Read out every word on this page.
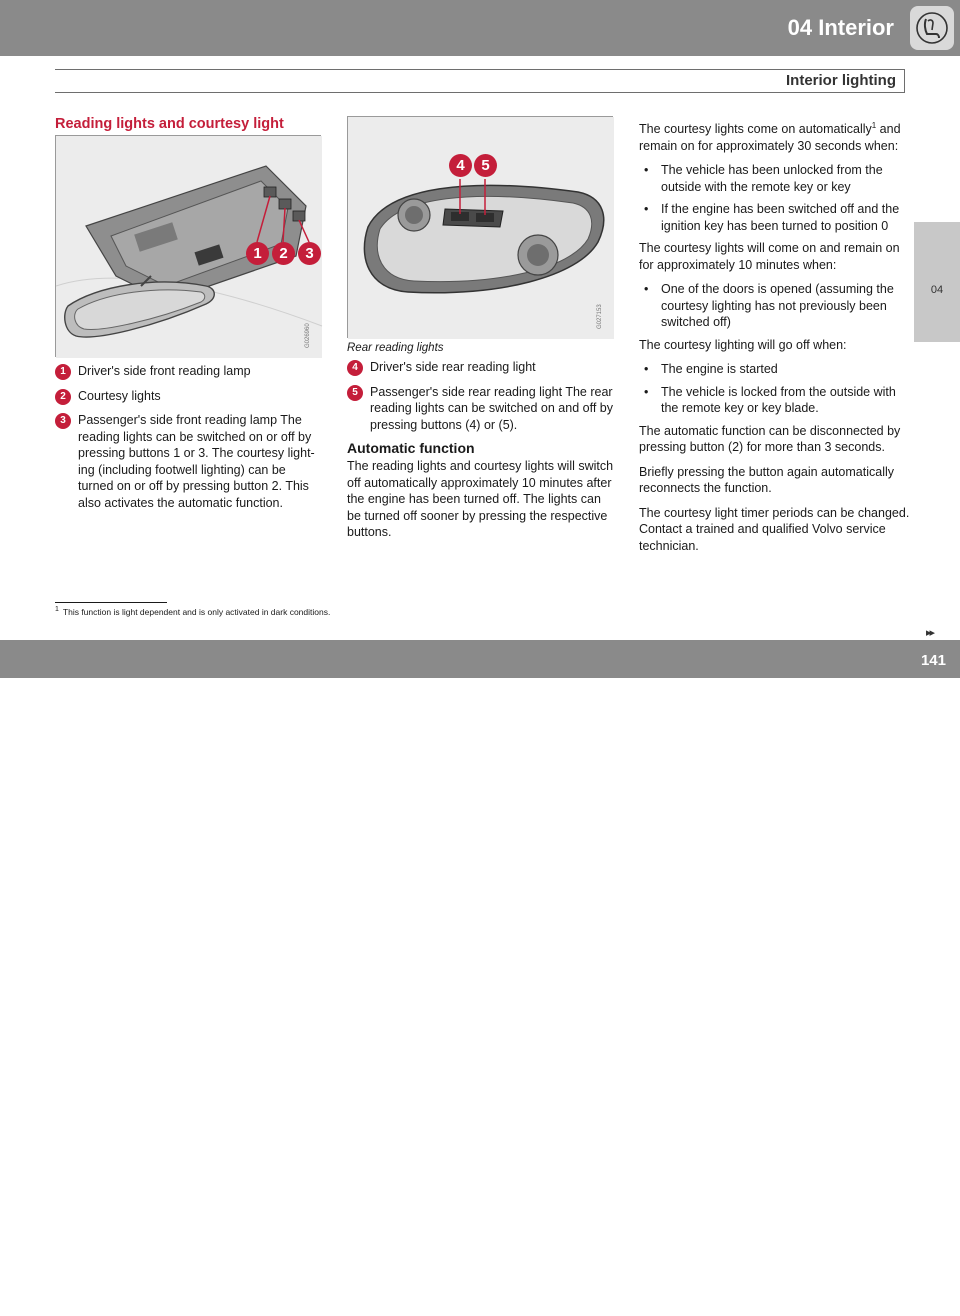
04 Interior
Interior lighting
04
Reading lights and courtesy light
G026960
1	2	3
1 Driver's side front reading lamp
2 Courtesy lights
3 Passenger's side front reading lamp The reading lights can be switched on or off by pressing buttons 1 or 3. The courtesy light- ing (including footwell lighting) can be turned on or off by pressing button 2. This also activates the automatic function.
G027153
4	5
Rear reading lights
4 Driver's side rear reading light
5 Passenger's side rear reading light The rear reading lights can be switched on and off by pressing buttons (4) or (5).
Automatic function
The reading lights and courtesy lights will switch off automatically approximately 10 minutes after the engine has been turned off. The lights can be turned off sooner by pressing the respective buttons.

The courtesy lights come on automatically$^1$ and remain on for approximately 30 seconds when:

• The vehicle has been unlocked from the outside with the remote key or key
• If the engine has been switched off and the ignition key has been turned to position 0

The courtesy lights will come on and remain on for approximately 10 minutes when:

• One of the doors is opened (assuming the courtesy lighting has not previously been switched off)

The courtesy lighting will go off when:

• The engine is started
• The vehicle is locked from the outside with the remote key or key blade.

The automatic function can be disconnected by pressing button (2) for more than 3 seconds.

Briefly pressing the button again automatically reconnects the function.

The courtesy light timer periods can be changed. Contact a trained and qualified Volvo service technician.

$^1$ This function is light dependent and is only activated in dark conditions.
▸▸
carmanualsonline.info
141
